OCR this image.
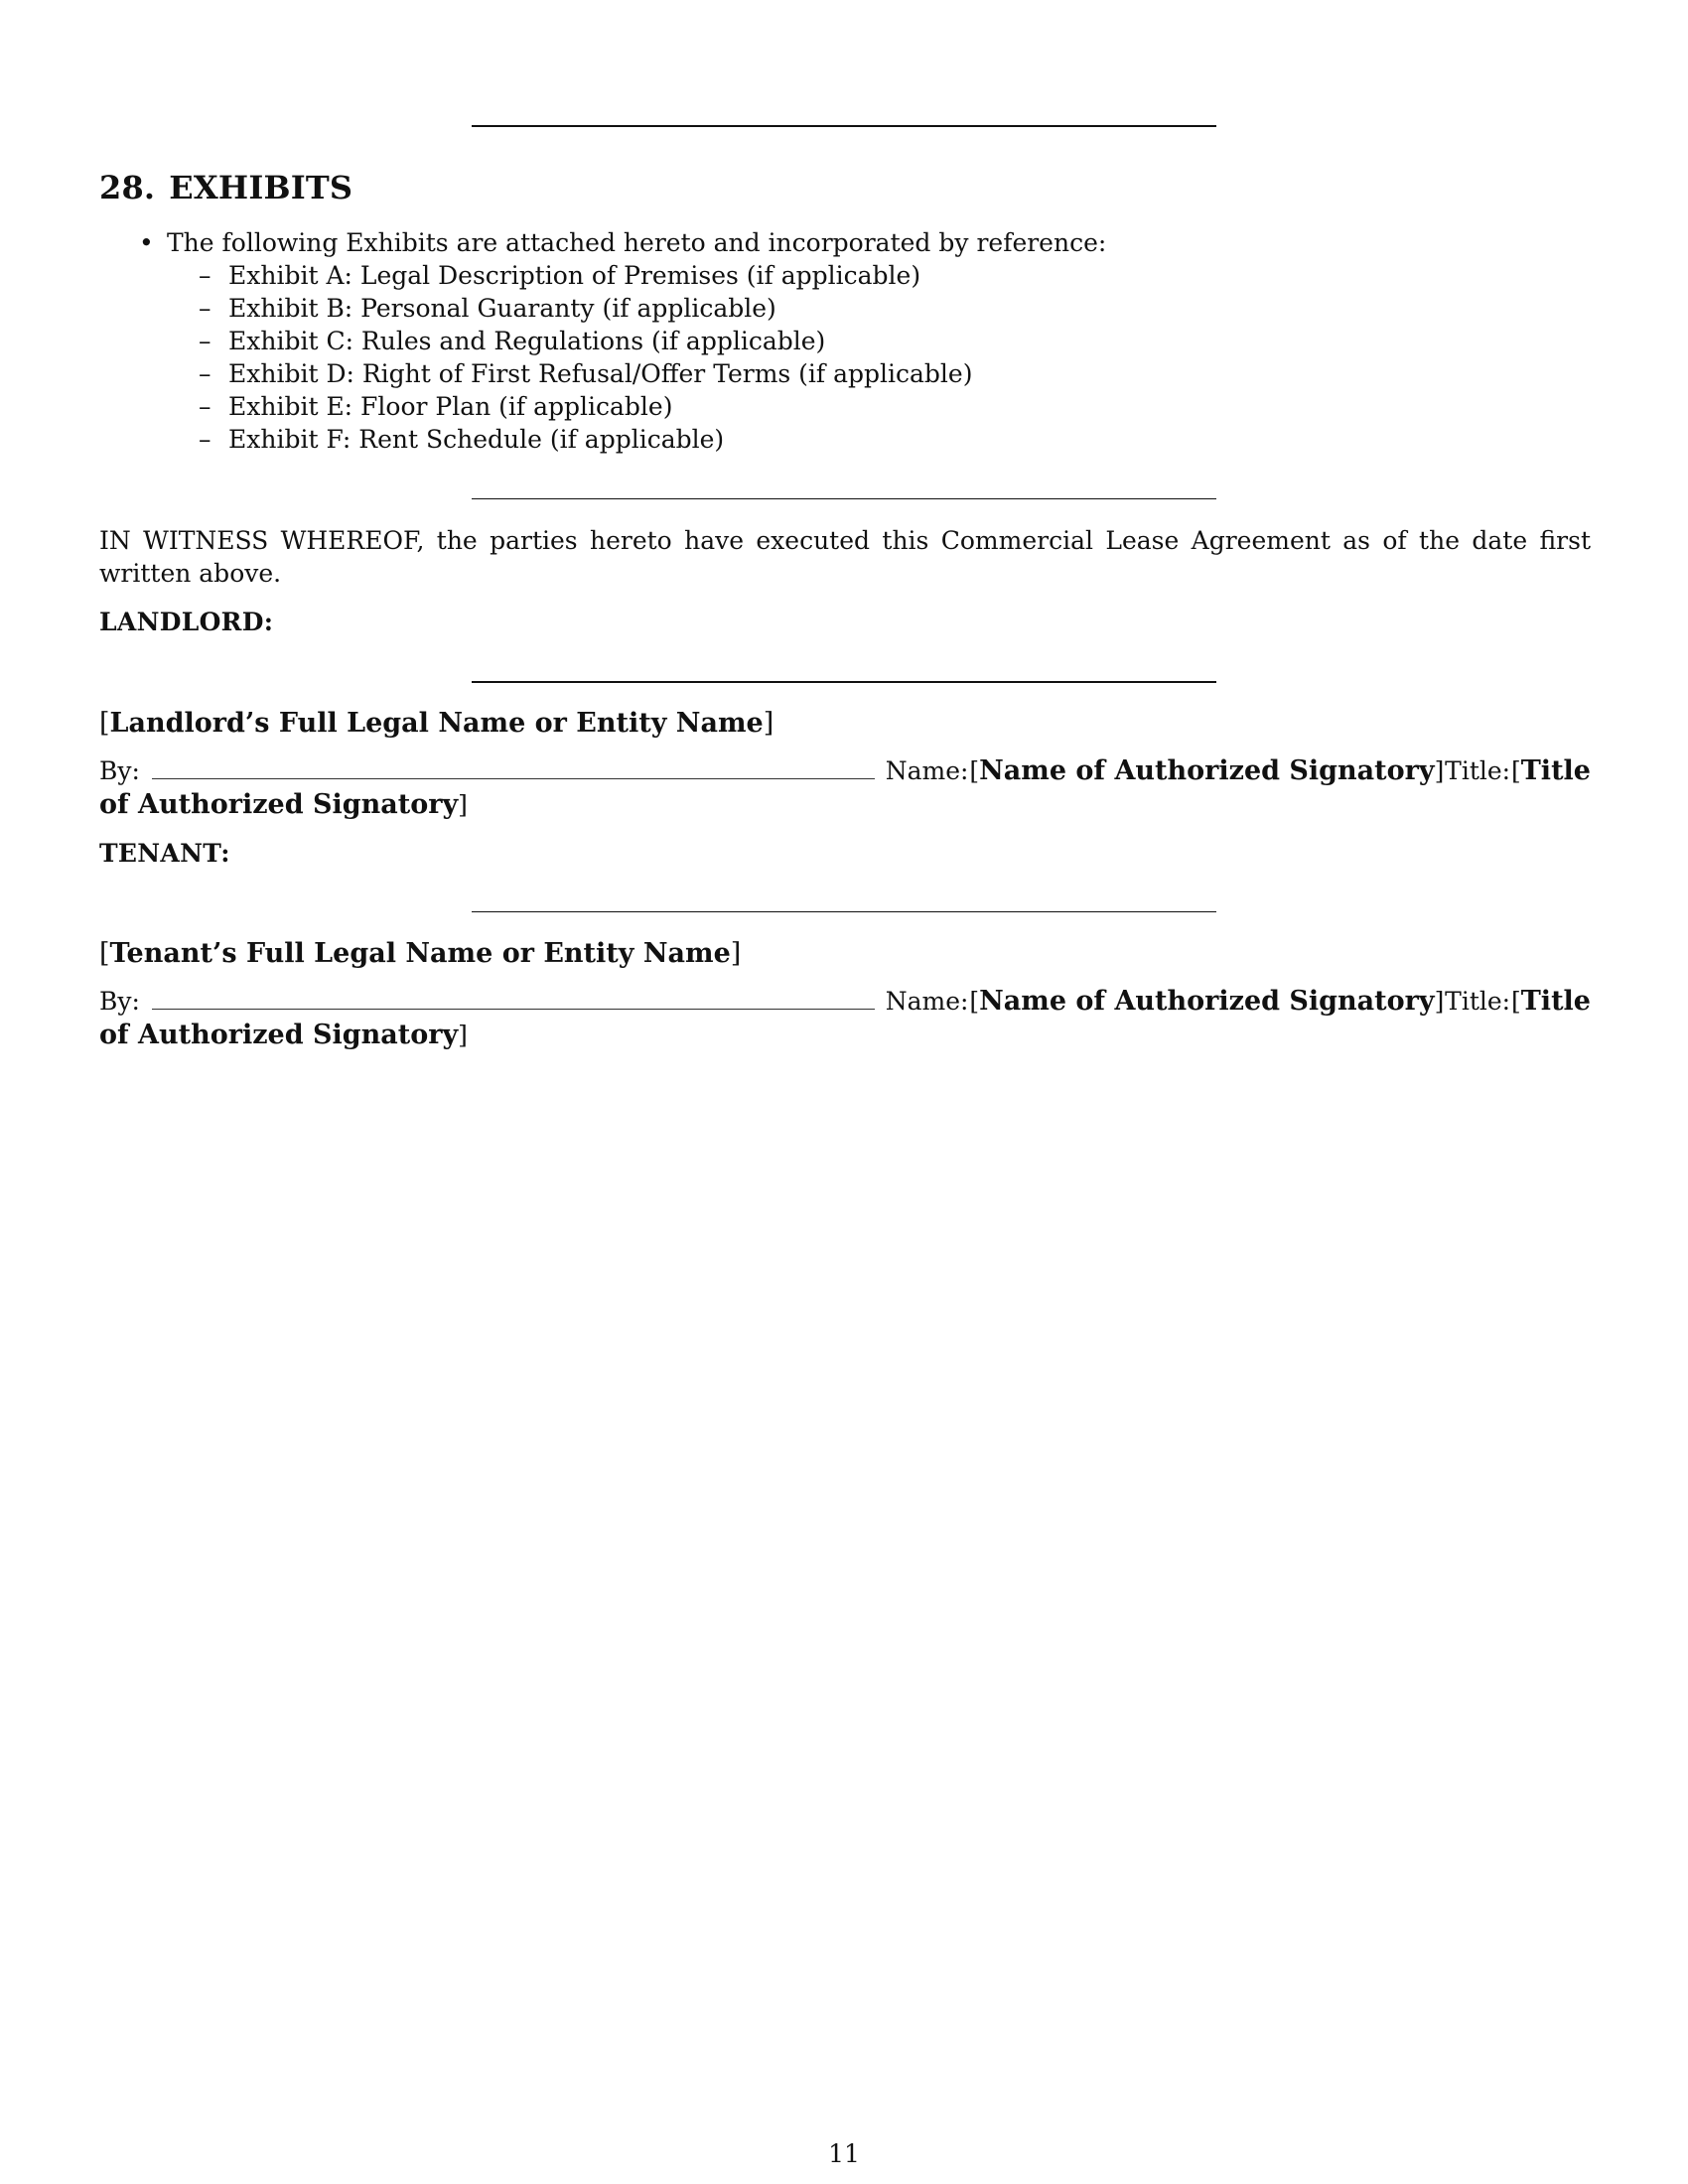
28. EXHIBITS
• The following Exhibits are attached hereto and incorporated by reference:
– Exhibit A: Legal Description of Premises (if applicable)
– Exhibit B: Personal Guaranty (if applicable)
– Exhibit C: Rules and Regulations (if applicable)
– Exhibit D: Right of First Refusal/Offer Terms (if applicable)
– Exhibit E: Floor Plan (if applicable)
– Exhibit F: Rent Schedule (if applicable)

IN WITNESS WHEREOF, the parties hereto have executed this Commercial Lease Agreement as of the date first written above.

LANDLORD:

[Landlord’s Full Legal Name or Entity Name]

By:	Name: [Name of Authorized Signatory] Title: [Title
of Authorized Signatory]

TENANT:

[Tenant’s Full Legal Name or Entity Name]

By:	Name: [Name of Authorized Signatory] Title: [Title
of Authorized Signatory]
11
